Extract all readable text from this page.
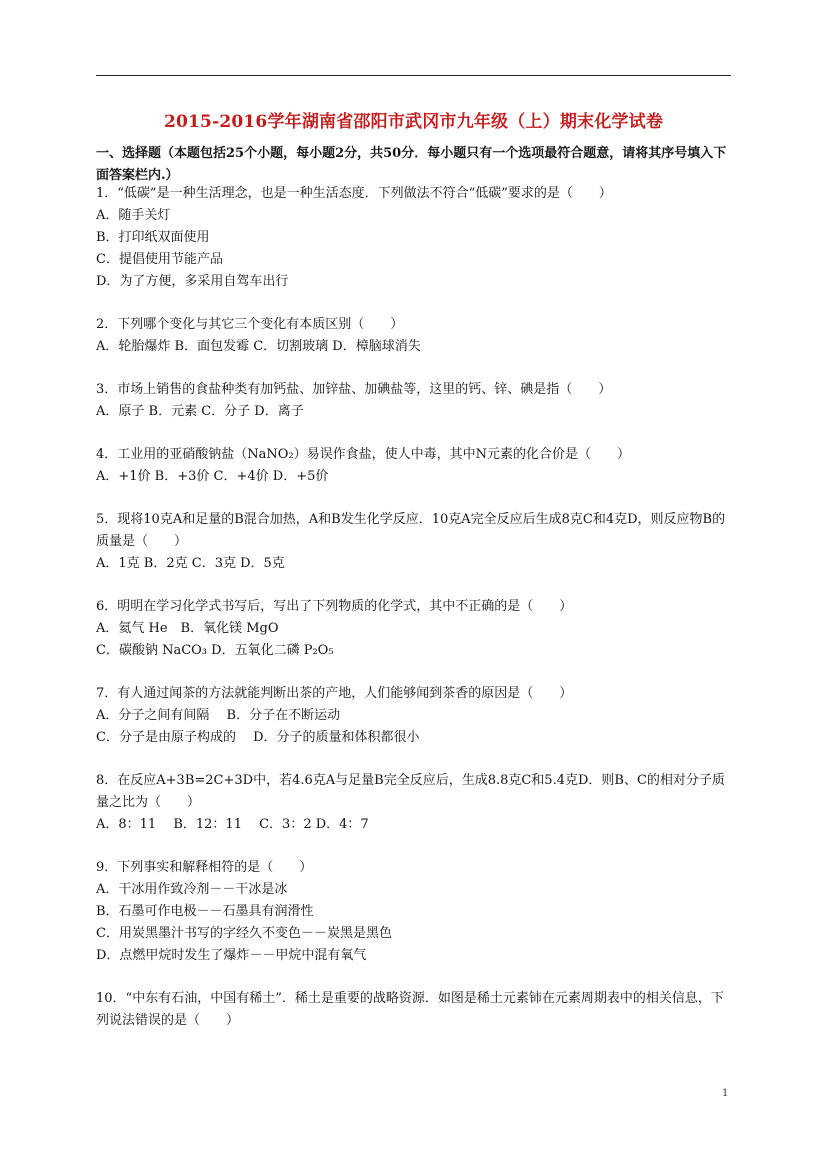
2015-2016学年湖南省邵阳市武冈市九年级（上）期末化学试卷
一、选择题（本题包括25个小题，每小题2分，共50分．每小题只有一个选项最符合题意，请将其序号填入下面答案栏内.）
1．“低碳”是一种生活理念，也是一种生活态度．下列做法不符合“低碳”要求的是（　　）
A．随手关灯
B．打印纸双面使用
C．提倡使用节能产品
D．为了方便，多采用自驾车出行
2．下列哪个变化与其它三个变化有本质区别（　　）
A．轮胎爆炸 B．面包发霉 C．切割玻璃 D．樟脑球消失
3．市场上销售的食盐种类有加钙盐、加锌盐、加碘盐等，这里的钙、锌、碘是指（　　）
A．原子 B．元素 C．分子 D．离子
4．工业用的亚硝酸钠盐（NaNO₂）易误作食盐，使人中毒，其中N元素的化合价是（　　）
A．+1价 B．+3价 C．+4价 D．+5价
5．现将10克A和足量的B混合加热，A和B发生化学反应．10克A完全反应后生成8克C和4克D，则反应物B的质量是（　　）
A．1克 B．2克 C．3克 D．5克
6．明明在学习化学式书写后，写出了下列物质的化学式，其中不正确的是（　　）
A．氦气 He　B．氧化镁 MgO
C．碳酸钠 NaCO₃ D．五氧化二磷 P₂O₅
7．有人通过闻茶的方法就能判断出茶的产地，人们能够闻到茶香的原因是（　　）
A．分子之间有间隔　 B．分子在不断运动
C．分子是由原子构成的　 D．分子的质量和体积都很小
8．在反应A+3B=2C+3D中，若4.6克A与足量B完全反应后，生成8.8克C和5.4克D．则B、C的相对分子质量之比为（　　）
A．8：11　 B．12：11　 C．3：2 D．4：7
9．下列事实和解释相符的是（　　）
A．干冰用作致冷剂－－干冰是冰
B．石墨可作电极－－石墨具有润滑性
C．用炭黑墨汁书写的字经久不变色－－炭黑是黑色
D．点燃甲烷时发生了爆炸－－甲烷中混有氧气
10．“中东有石油，中国有稀土”．稀土是重要的战略资源．如图是稀土元素铈在元素周期表中的相关信息，下列说法错误的是（　　）
1
